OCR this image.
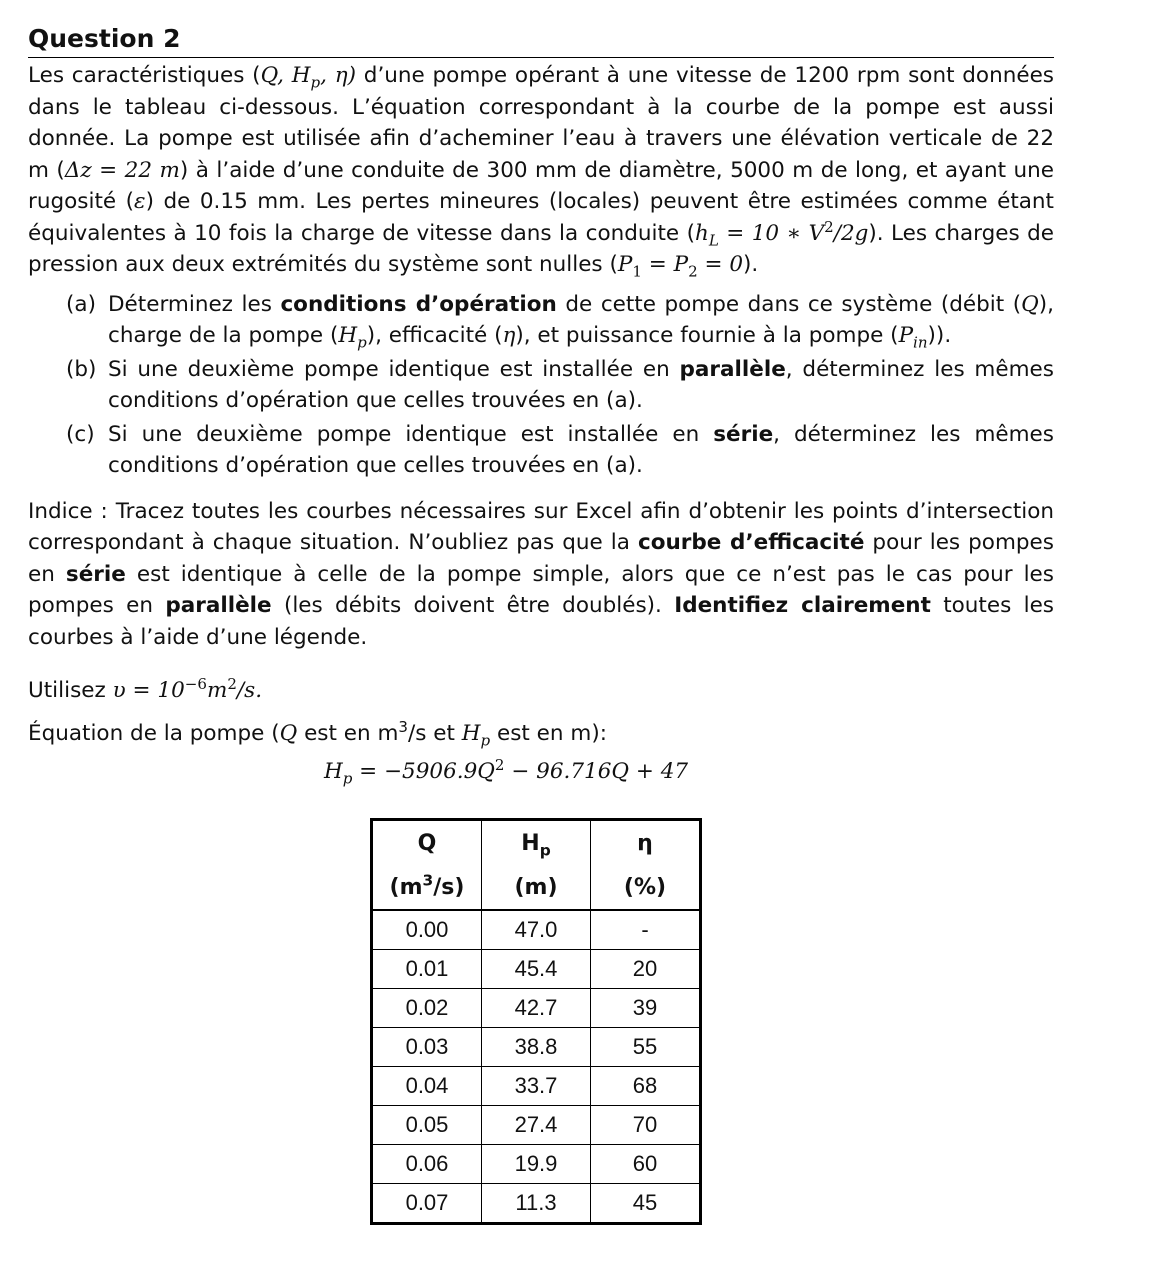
Question 2

Les caractéristiques (Q, $H_p$, η) d’une pompe opérant à une vitesse de 1200 rpm sont données dans le tableau ci-dessous. L’équation correspondant à la courbe de la pompe est aussi donnée. La pompe est utilisée afin d’acheminer l’eau à travers une élévation verticale de 22 m (Δz = 22 m) à l’aide d’une conduite de 300 mm de diamètre, 5000 m de long, et ayant une rugosité (ε) de 0.15 mm. Les pertes mineures (locales) peuvent être estimées comme étant équivalentes à 10 fois la charge de vitesse dans la conduite ($h_L = 10$ ∗ $V^2/2g$). Les charges de pression aux deux extrémités du système sont nulles $(P_1 = P_2 = 0)$.

(a) Déterminez les conditions d’opération de cette pompe dans ce système (débit (Q), charge de la pompe $(H_p)$, efficacité (η), et puissance fournie à la pompe $(P_{in})$).
(b) Si une deuxième pompe identique est installée en parallèle, déterminez les mêmes conditions d’opération que celles trouvées en (a).
(c) Si une deuxième pompe identique est installée en série, déterminez les mêmes conditions d’opération que celles trouvées en (a).

Indice : Tracez toutes les courbes nécessaires sur Excel afin d’obtenir les points d’intersection correspondant à chaque situation. N’oubliez pas que la courbe d’efficacité pour les pompes en série est identique à celle de la pompe simple, alors que ce n’est pas le cas pour les pompes en parallèle (les débits doivent être doublés). Identifiez clairement toutes les courbes à l’aide d’une légende.

Utilisez $\upsilon = 10^{-6}m^2/s$.
Équation de la pompe (Q est en $m^3/s$ et $H_p$ est en m):
$H_p = -5906.9Q^2 - 96.716Q + 47$
Q	$H_p$	η
$(m^3/s)$	(m)	(%)
0.00	47.0	-
0.01	45.4	20
0.02	42.7	39
0.03	38.8	55
0.04	33.7	68
0.05	27.4	70
0.06	19.9	60
0.07	11.3	45
